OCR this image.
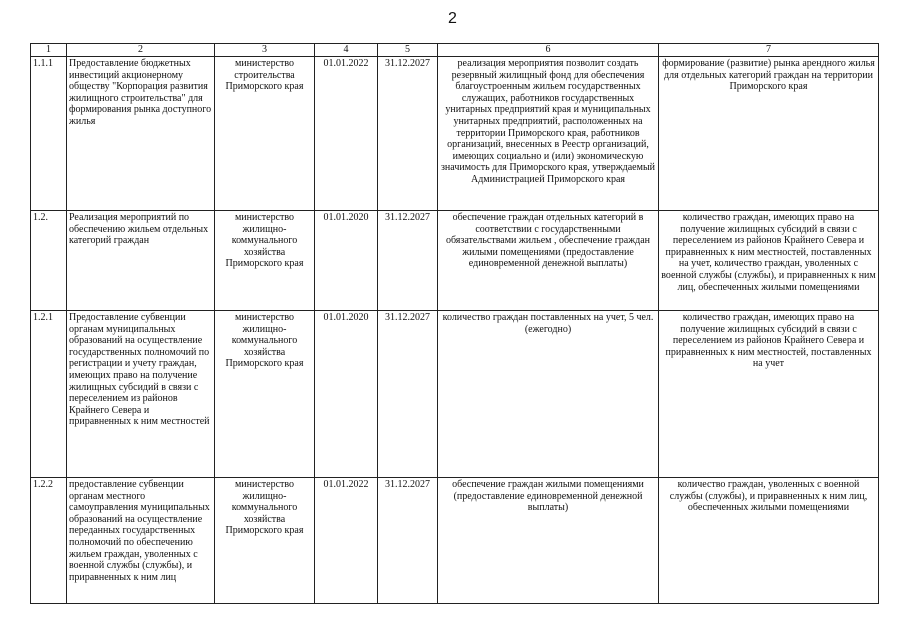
2
1	2	3	4	5	6	7
1.1.1	Предоставление бюджетных инвестиций акционерному обществу "Корпорация развития жилищного строительства" для формирования рынка доступного жилья	министерство строительства Приморского края	01.01.2022	31.12.2027	реализация мероприятия позволит создать резервный жилищный фонд для обеспечения благоустроенным жильем государственных служащих, работников государственных унитарных предприятий края и муниципальных унитарных предприятий, расположенных на территории Приморского края, работников организаций, внесенных в Реестр организаций, имеющих социально и (или) экономическую значимость для Приморского края, утверждаемый Администрацией Приморского края	формирование (развитие) рынка арендного жилья для отдельных категорий граждан на территории Приморского края
1.2.	Реализация мероприятий по обеспечению жильем отдельных категорий граждан	министерство жилищно-коммунального хозяйства Приморского края	01.01.2020	31.12.2027	обеспечение граждан отдельных категорий в соответствии с государственными обязательствами жильем , обеспечение граждан жилыми помещениями (предоставление единовременной денежной выплаты)	количество граждан, имеющих право на получение жилищных субсидий в связи с переселением из районов Крайнего Севера и приравненных к ним местностей, поставленных на учет, количество граждан, уволенных с военной службы (службы), и приравненных к ним лиц, обеспеченных жилыми помещениями
1.2.1	Предоставление субвенции органам муниципальных образований на осуществление государственных полномочий по регистрации и учету граждан, имеющих право на получение жилищных субсидий в связи с переселением из районов Крайнего Севера и приравненных к ним местностей	министерство жилищно-коммунального хозяйства Приморского края	01.01.2020	31.12.2027	количество граждан поставленных на учет, 5 чел. (ежегодно)	количество граждан, имеющих право на получение жилищных субсидий в связи с переселением из районов Крайнего Севера и приравненных к ним местностей, поставленных на учет
1.2.2	предоставление субвенции органам местного самоуправления муниципальных образований на осуществление переданных государственных полномочий по обеспечению жильем граждан, уволенных с военной службы (службы), и приравненных к ним лиц	министерство жилищно-коммунального хозяйства Приморского края	01.01.2022	31.12.2027	обеспечение граждан жилыми помещениями (предоставление единовременной денежной выплаты)	количество граждан, уволенных с военной службы (службы), и приравненных к ним лиц, обеспеченных жилыми помещениями
